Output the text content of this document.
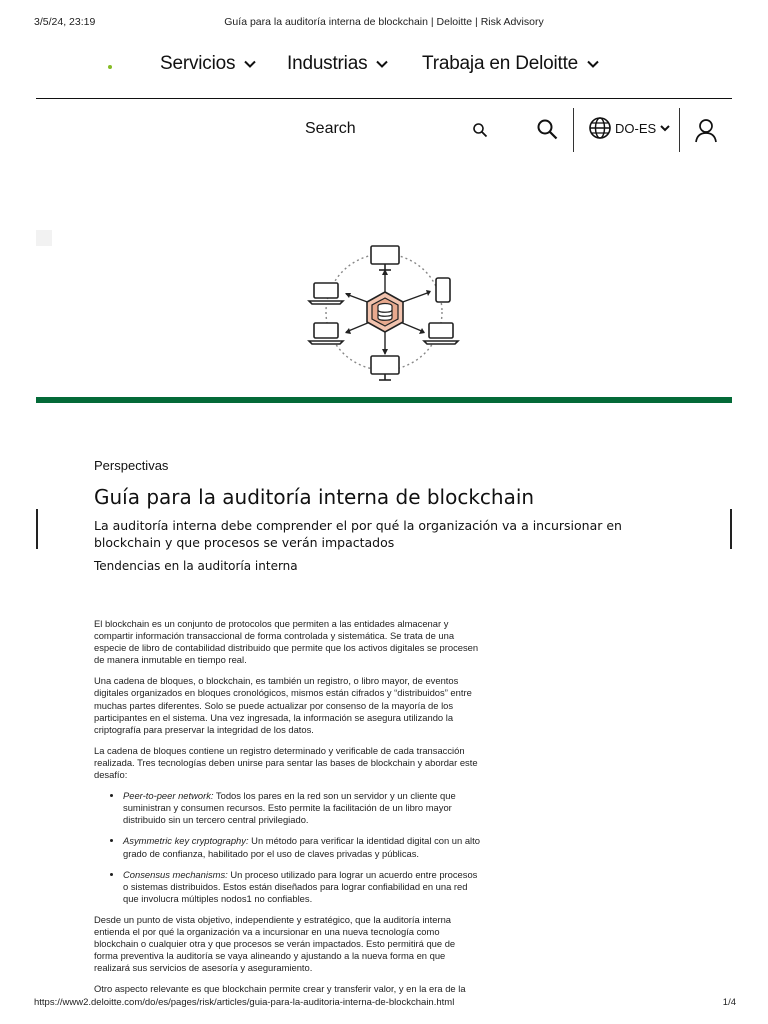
3/5/24, 23:19	Guía para la auditoría interna de blockchain | Deloitte | Risk Advisory
Servicios	Industrias	Trabaja en Deloitte
Search	DO-ES
Perspectivas
Guía para la auditoría interna de blockchain
La auditoría interna debe comprender el por qué la organización va a incursionar en blockchain y que procesos se verán impactados
Tendencias en la auditoría interna

El blockchain es un conjunto de protocolos que permiten a las entidades almacenar y compartir información transaccional de forma controlada y sistemática. Se trata de una especie de libro de contabilidad distribuido que permite que los activos digitales se procesen de manera inmutable en tiempo real.

Una cadena de bloques, o blockchain, es también un registro, o libro mayor, de eventos digitales organizados en bloques cronológicos, mismos están cifrados y “distribuidos” entre muchas partes diferentes. Solo se puede actualizar por consenso de la mayoría de los participantes en el sistema. Una vez ingresada, la información se asegura utilizando la criptografía para preservar la integridad de los datos.

La cadena de bloques contiene un registro determinado y verificable de cada transacción realizada. Tres tecnologías deben unirse para sentar las bases de blockchain y abordar este desafío:

• Peer-to-peer network: Todos los pares en la red son un servidor y un cliente que suministran y consumen recursos. Esto permite la facilitación de un libro mayor distribuido sin un tercero central privilegiado.
• Asymmetric key cryptography: Un método para verificar la identidad digital con un alto grado de confianza, habilitado por el uso de claves privadas y públicas.
• Consensus mechanisms: Un proceso utilizado para lograr un acuerdo entre procesos o sistemas distribuidos. Estos están diseñados para lograr confiabilidad en una red que involucra múltiples nodos1 no confiables.

Desde un punto de vista objetivo, independiente y estratégico, que la auditoría interna entienda el por qué la organización va a incursionar en una nueva tecnología como blockchain o cualquier otra y que procesos se verán impactados. Esto permitirá que de forma preventiva la auditoría se vaya alineando y ajustando a la nueva forma en que realizará sus servicios de asesoría y aseguramiento.

Otro aspecto relevante es que blockchain permite crear y transferir valor, y en la era de la

https://www2.deloitte.com/do/es/pages/risk/articles/guia-para-la-auditoria-interna-de-blockchain.html	1/4
